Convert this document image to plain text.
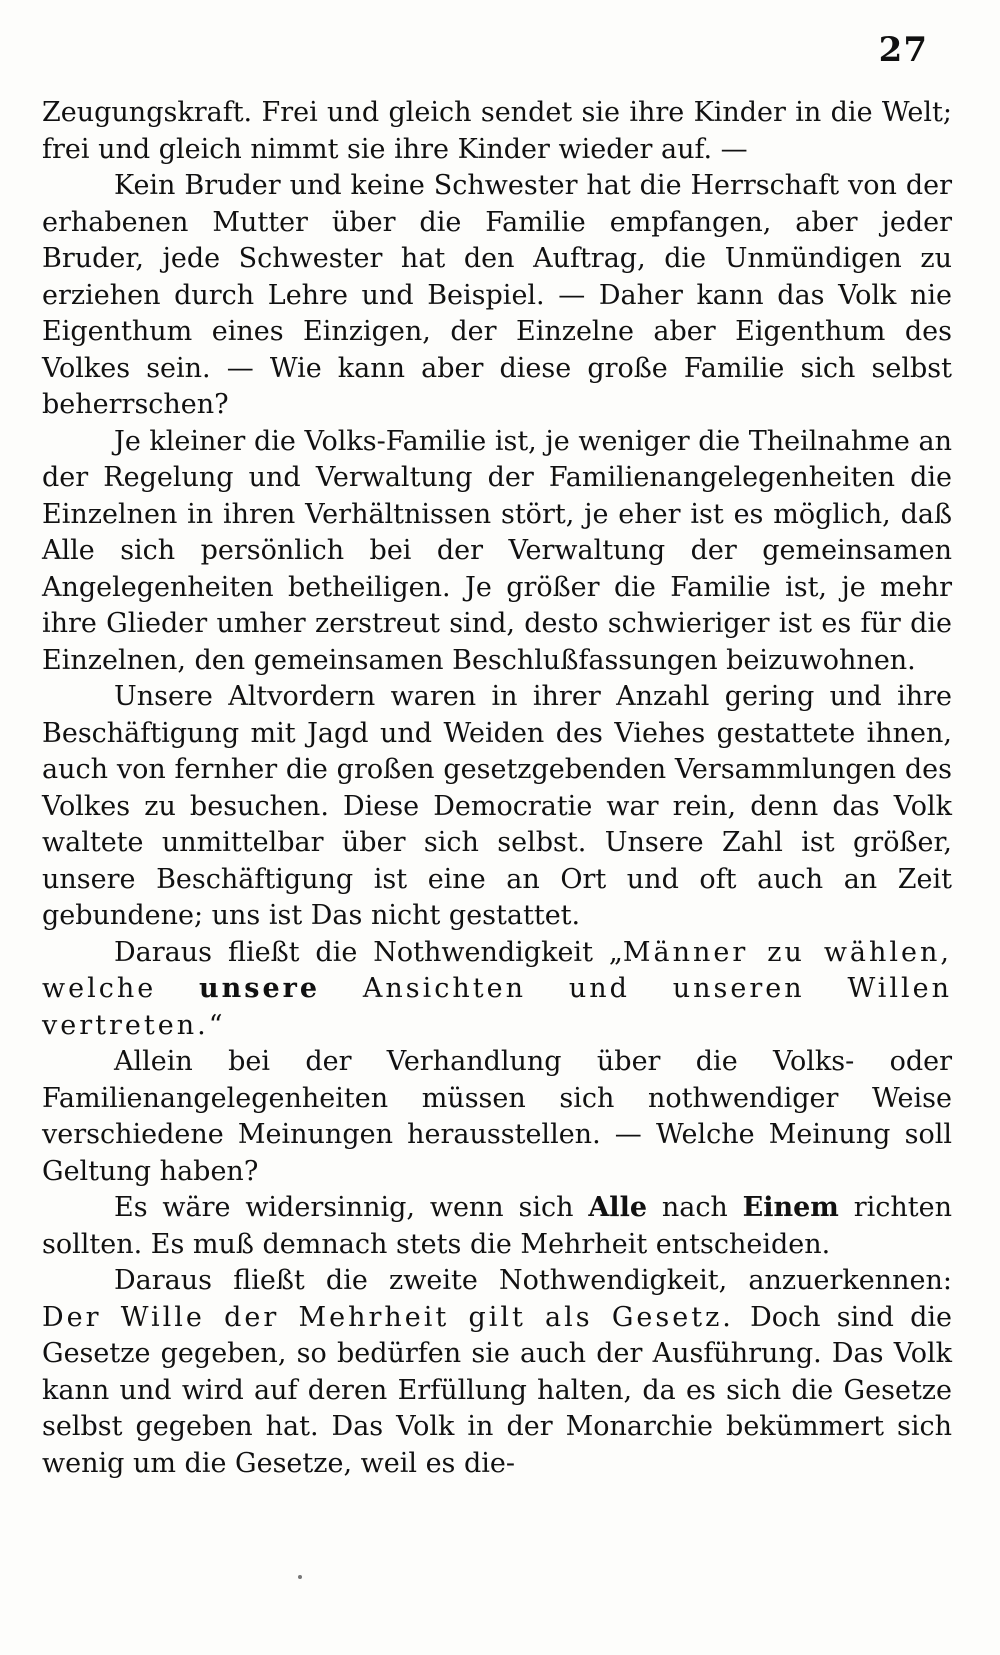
27

Zeugungskraft. Frei und gleich sendet sie ihre Kinder in die Welt; frei und gleich nimmt sie ihre Kinder wieder auf. —

Kein Bruder und keine Schwester hat die Herrschaft von der erhabenen Mutter über die Familie empfangen, aber jeder Bruder, jede Schwester hat den Auftrag, die Unmündigen zu erziehen durch Lehre und Beispiel. — Daher kann das Volk nie Eigenthum eines Einzigen, der Einzelne aber Eigenthum des Volkes sein. — Wie kann aber diese große Familie sich selbst beherrschen?

Je kleiner die Volks-Familie ist, je weniger die Theilnahme an der Regelung und Verwaltung der Familienangelegenheiten die Einzelnen in ihren Verhältnissen stört, je eher ist es möglich, daß Alle sich persönlich bei der Verwaltung der gemeinsamen Angelegenheiten betheiligen. Je größer die Familie ist, je mehr ihre Glieder umher zerstreut sind, desto schwieriger ist es für die Einzelnen, den gemeinsamen Beschlußfassungen beizuwohnen.

Unsere Altvordern waren in ihrer Anzahl gering und ihre Beschäftigung mit Jagd und Weiden des Viehes gestattete ihnen, auch von fernher die großen gesetzgebenden Versammlungen des Volkes zu besuchen. Diese Democratie war rein, denn das Volk waltete unmittelbar über sich selbst. Unsere Zahl ist größer, unsere Beschäftigung ist eine an Ort und oft auch an Zeit gebundene; uns ist Das nicht gestattet.

Daraus fließt die Nothwendigkeit „Männer zu wählen, welche unsere Ansichten und unseren Willen vertreten.“

Allein bei der Verhandlung über die Volks- oder Familienangelegenheiten müssen sich nothwendiger Weise verschiedene Meinungen herausstellen. — Welche Meinung soll Geltung haben?

Es wäre widersinnig, wenn sich Alle nach Einem richten sollten. Es muß demnach stets die Mehrheit entscheiden.

Daraus fließt die zweite Nothwendigkeit, anzuerkennen: Der Wille der Mehrheit gilt als Gesetz. Doch sind die Gesetze gegeben, so bedürfen sie auch der Ausführung. Das Volk kann und wird auf deren Erfüllung halten, da es sich die Gesetze selbst gegeben hat. Das Volk in der Monarchie bekümmert sich wenig um die Gesetze, weil es die-
